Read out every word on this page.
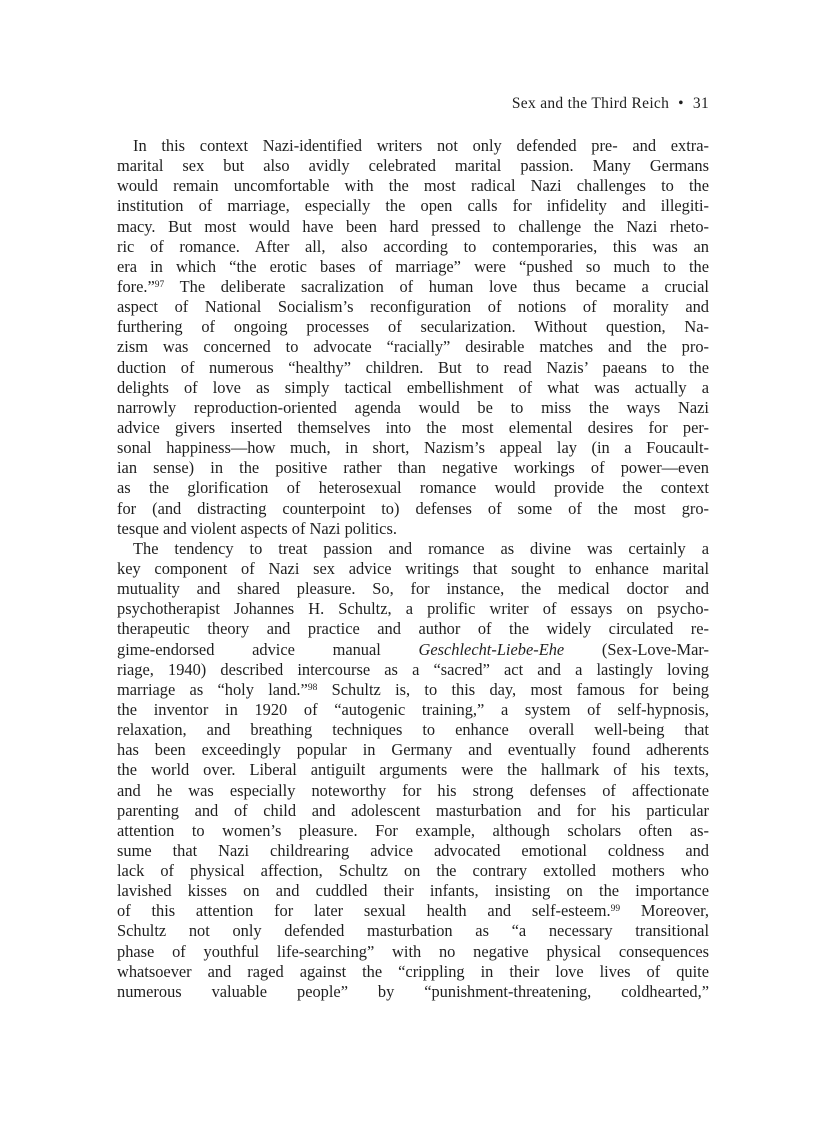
Sex and the Third Reich • 31
In this context Nazi-identified writers not only defended pre- and extra-
marital sex but also avidly celebrated marital passion. Many Germans
would remain uncomfortable with the most radical Nazi challenges to the
institution of marriage, especially the open calls for infidelity and illegiti-
macy. But most would have been hard pressed to challenge the Nazi rheto-
ric of romance. After all, also according to contemporaries, this was an
era in which “the erotic bases of marriage” were “pushed so much to the
fore.”$^{97}$ The deliberate sacralization of human love thus became a crucial
aspect of National Socialism’s reconfiguration of notions of morality and
furthering of ongoing processes of secularization. Without question, Na-
zism was concerned to advocate “racially” desirable matches and the pro-
duction of numerous “healthy” children. But to read Nazis’ paeans to the
delights of love as simply tactical embellishment of what was actually a
narrowly reproduction-oriented agenda would be to miss the ways Nazi
advice givers inserted themselves into the most elemental desires for per-
sonal happiness—how much, in short, Nazism’s appeal lay (in a Foucault-
ian sense) in the positive rather than negative workings of power—even
as the glorification of heterosexual romance would provide the context
for (and distracting counterpoint to) defenses of some of the most gro-
tesque and violent aspects of Nazi politics.
The tendency to treat passion and romance as divine was certainly a
key component of Nazi sex advice writings that sought to enhance marital
mutuality and shared pleasure. So, for instance, the medical doctor and
psychotherapist Johannes H. Schultz, a prolific writer of essays on psycho-
therapeutic theory and practice and author of the widely circulated re-
gime-endorsed advice manual Geschlecht-Liebe-Ehe (Sex-Love-Mar-
riage, 1940) described intercourse as a “sacred” act and a lastingly loving
marriage as “holy land.”$^{98}$ Schultz is, to this day, most famous for being
the inventor in 1920 of “autogenic training,” a system of self-hypnosis,
relaxation, and breathing techniques to enhance overall well-being that
has been exceedingly popular in Germany and eventually found adherents
the world over. Liberal antiguilt arguments were the hallmark of his texts,
and he was especially noteworthy for his strong defenses of affectionate
parenting and of child and adolescent masturbation and for his particular
attention to women’s pleasure. For example, although scholars often as-
sume that Nazi childrearing advice advocated emotional coldness and
lack of physical affection, Schultz on the contrary extolled mothers who
lavished kisses on and cuddled their infants, insisting on the importance
of this attention for later sexual health and self-esteem.$^{99}$ Moreover,
Schultz not only defended masturbation as “a necessary transitional
phase of youthful life-searching” with no negative physical consequences
whatsoever and raged against the “crippling in their love lives of quite
numerous valuable people” by “punishment-threatening, coldhearted,”
